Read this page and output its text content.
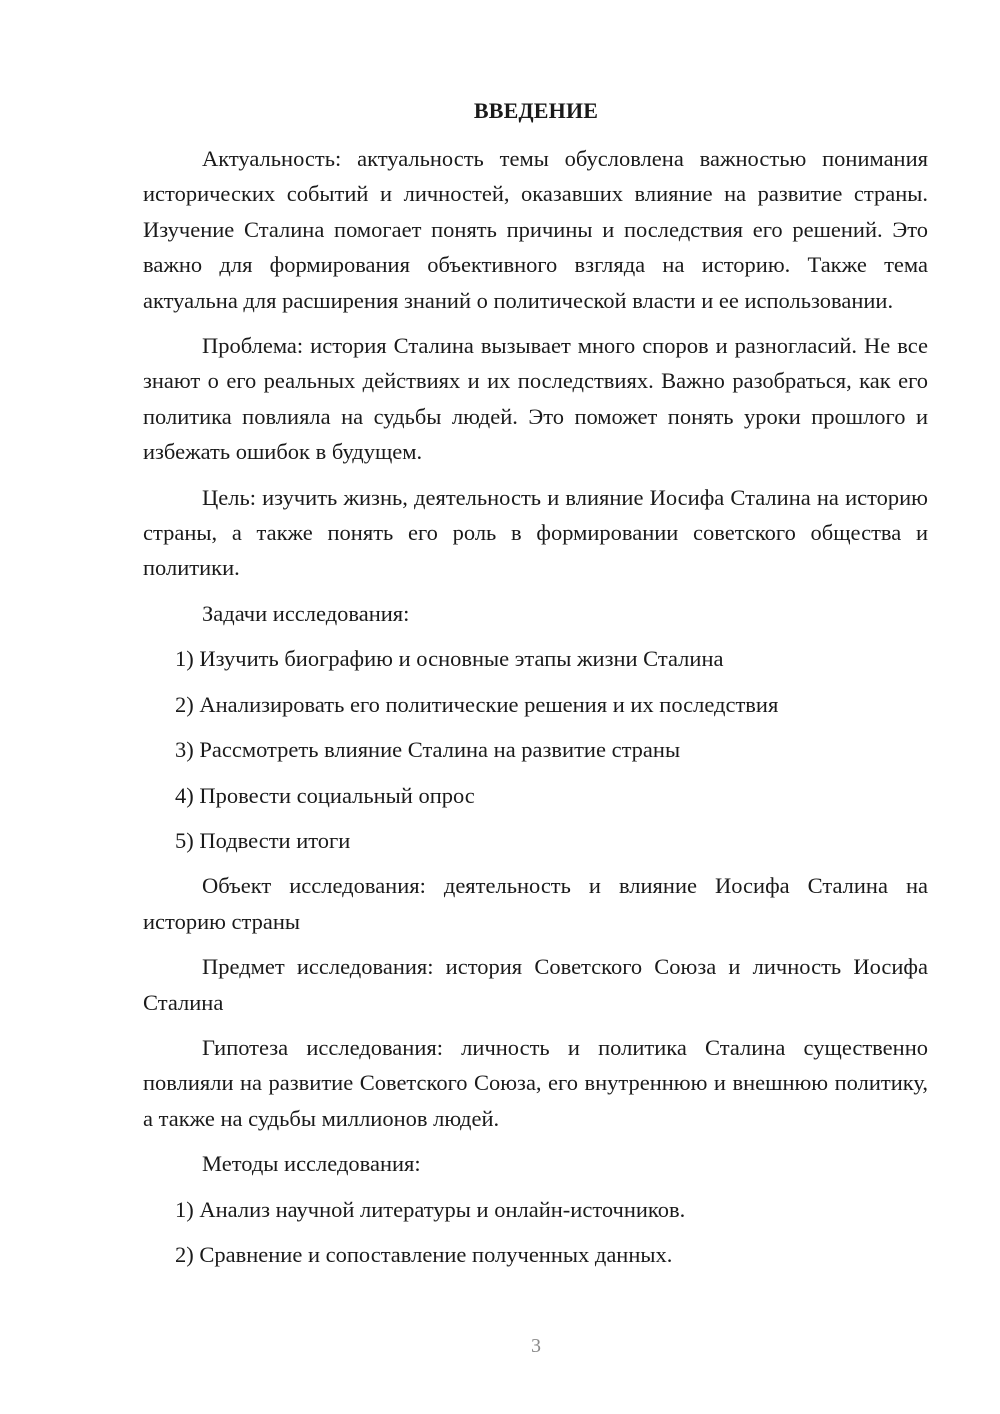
ВВЕДЕНИЕ

Актуальность: актуальность темы обусловлена важностью понимания исторических событий и личностей, оказавших влияние на развитие страны. Изучение Сталина помогает понять причины и последствия его решений. Это важно для формирования объективного взгляда на историю. Также тема актуальна для расширения знаний о политической власти и ее использовании.

Проблема: история Сталина вызывает много споров и разногласий. Не все знают о его реальных действиях и их последствиях. Важно разобраться, как его политика повлияла на судьбы людей. Это поможет понять уроки прошлого и избежать ошибок в будущем.

Цель: изучить жизнь, деятельность и влияние Иосифа Сталина на историю страны, а также понять его роль в формировании советского общества и политики.

Задачи исследования:

1) Изучить биографию и основные этапы жизни Сталина

2) Анализировать его политические решения и их последствия

3) Рассмотреть влияние Сталина на развитие страны

4) Провести социальный опрос

5) Подвести итоги

Объект исследования: деятельность и влияние Иосифа Сталина на историю страны

Предмет исследования: история Советского Союза и личность Иосифа Сталина

Гипотеза исследования: личность и политика Сталина существенно повлияли на развитие Советского Союза, его внутреннюю и внешнюю политику, а также на судьбы миллионов людей.

Методы исследования:

1) Анализ научной литературы и онлайн-источников.

2) Сравнение и сопоставление полученных данных.

3
